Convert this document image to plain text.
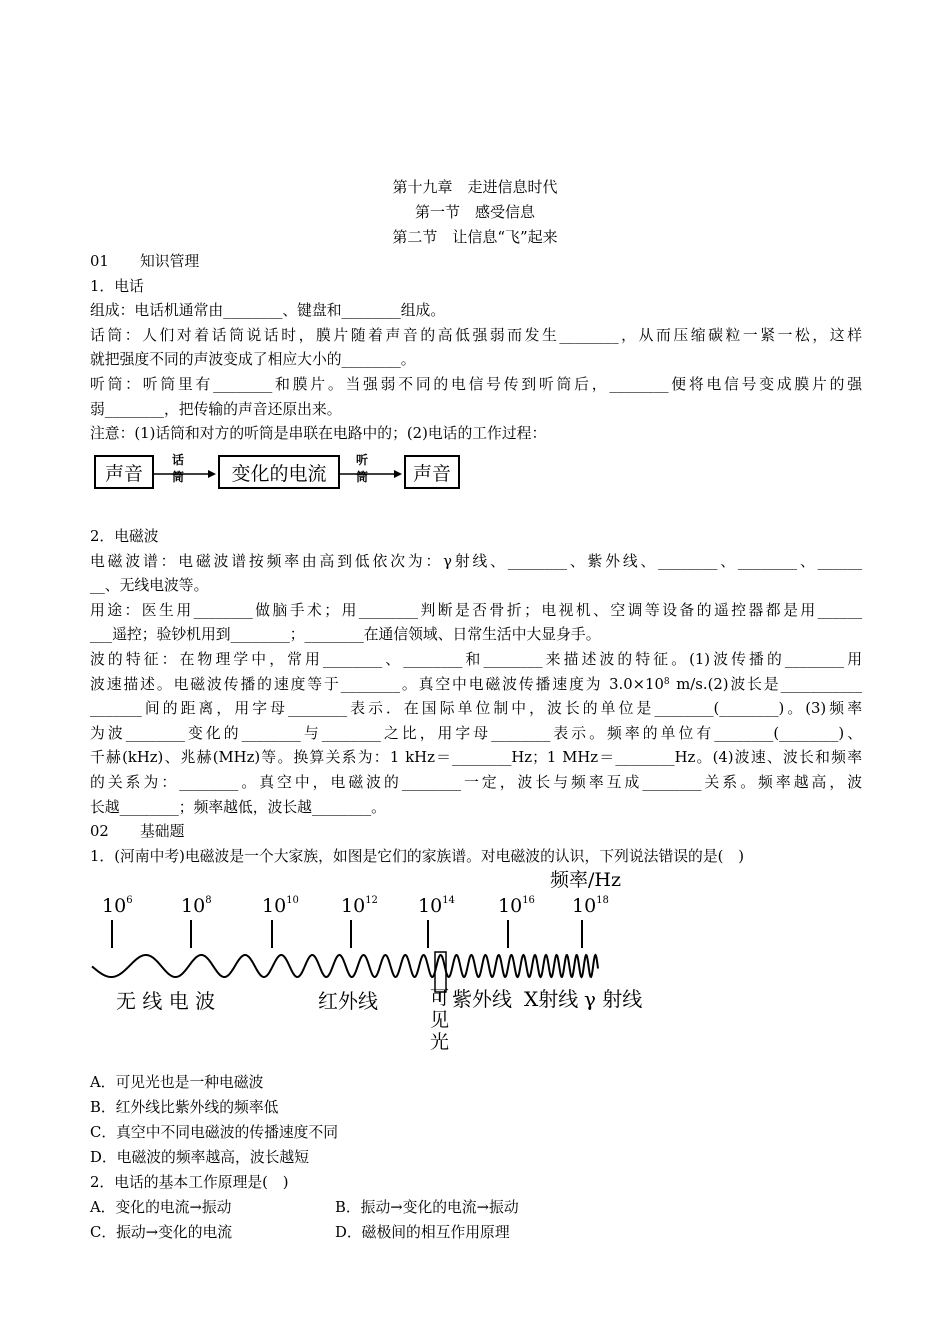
第十九章　走进信息时代
第一节　感受信息
第二节　让信息“飞”起来
01	知识管理
1．电话
组成：电话机通常由________、键盘和________组成。
话筒：人们对着话筒说话时，膜片随着声音的高低强弱而发生________，从而压缩碳粒一紧一松，这样
就把强度不同的声波变成了相应大小的________。
听筒：听筒里有________和膜片。当强弱不同的电信号传到听筒后，________便将电信号变成膜片的强
弱________，把传输的声音还原出来。
注意：(1)话筒和对方的听筒是串联在电路中的；(2)电话的工作过程：
声音
话筒	变化的电流
听筒	声音
2．电磁波
电磁波谱：电磁波谱按频率由高到低依次为：γ射线、________、紫外线、________、________、______
__、无线电波等。
用途：医生用________做脑手术；用________判断是否骨折；电视机、空调等设备的遥控器都是用______
___遥控；验钞机用到________；________在通信领域、日常生活中大显身手。
波的特征：在物理学中，常用________、________和________来描述波的特征。(1)波传播的________用
波速描述。电磁波传播的速度等于________。真空中电磁波传播速度为 $3.0\times 10^8$ m/s.(2)波长是___________
_______间的距离，用字母________表示．在国际单位制中，波长的单位是________(________)。(3)频率
为波________变化的________与________之比，用字母________表示。频率的单位有________(________)、
千赫(kHz)、兆赫(MHz)等。换算关系为：1 kHz＝________Hz；1 MHz＝________Hz。(4)波速、波长和频率
的关系为：________。真空中，电磁波的________一定，波长与频率互成________关系。频率越高，波
长越________；频率越低，波长越________。
02	基础题
1．(河南中考)电磁波是一个大家族，如图是它们的家族谱。对电磁波的认识，下列说法错误的是(　)
频率/Hz
$10^6$	$10^8$	$10^{10}$ $10^{12}$ $10^{14}$ $10^{16}$ $10^{18}$
无 线 电 波	红外线	可
见
光
紫外线 X射线 γ 射线
A．可见光也是一种电磁波
B．红外线比紫外线的频率低
C．真空中不同电磁波的传播速度不同
D．电磁波的频率越高，波长越短
2．电话的基本工作原理是(　)
A．变化的电流→振动	B．振动→变化的电流→振动
C．振动→变化的电流	D．磁极间的相互作用原理
